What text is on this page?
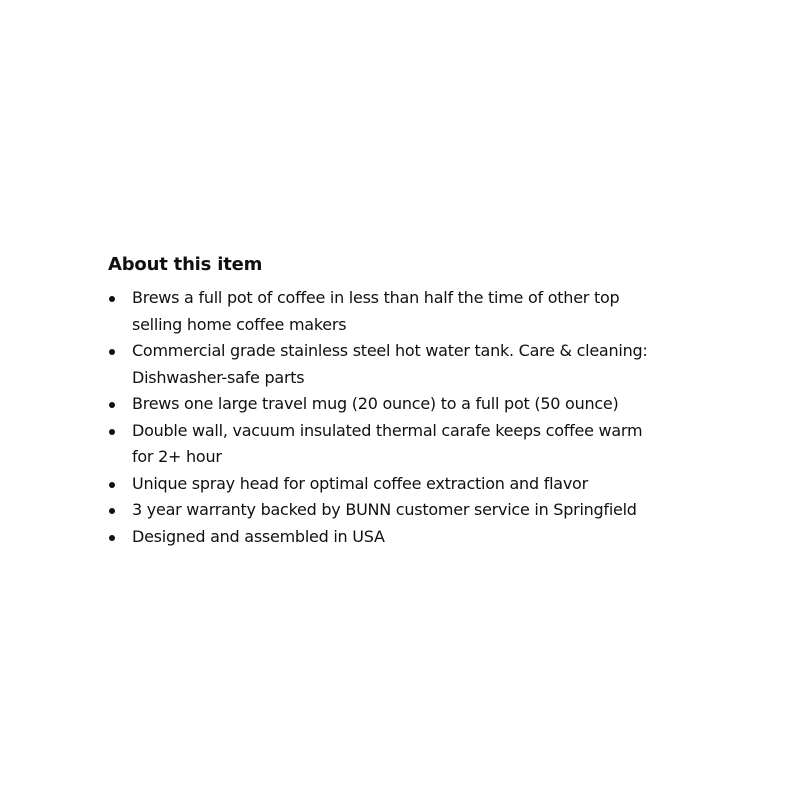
About this item
Brews a full pot of coffee in less than half the time of other top
selling home coffee makers
Commercial grade stainless steel hot water tank. Care & cleaning:
Dishwasher-safe parts
Brews one large travel mug (20 ounce) to a full pot (50 ounce)
Double wall, vacuum insulated thermal carafe keeps coffee warm
for 2+ hour
Unique spray head for optimal coffee extraction and flavor
3 year warranty backed by BUNN customer service in Springfield
Designed and assembled in USA
